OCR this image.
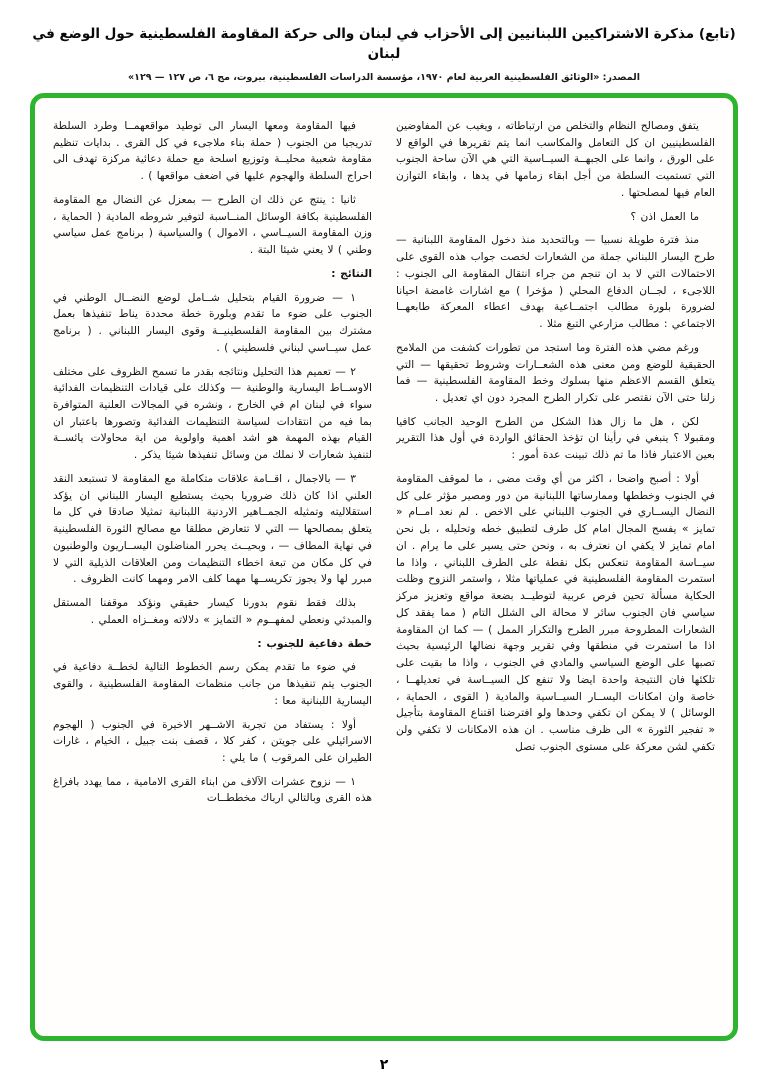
(تابع) مذكرة الاشتراكيين اللبنانيين إلى الأحزاب في لبنان والى حركة المقاومة الفلسطينية حول الوضع في لبنان
المصدر: «الوثائق الفلسطينية العربية لعام ١٩٧٠، مؤسسة الدراسات الفلسطينية، بيروت، مج ٦، ص ١٢٧ — ١٢٩»

يتفق ومصالح النظام والتخلص من ارتباطاته ، ويغيب عن المفاوضين الفلسطينيين ان كل التعامل والمكاسب انما يتم تقريرها في الواقع لا على الورق ، وانما على الجبهــة السيــاسية التي هي الآن ساحة الجنوب التي تستميت السلطة من أجل ابقاء زمامها في يدها ، وابقاء التوازن العام فيها لمصلحتها .

ما العمل اذن ؟

منذ فترة طويلة نسبيا — وبالتحديد منذ دخول المقاومة اللبنانية — طرح اليسار اللبناني جملة من الشعارات لخصت جواب هذه القوى على الاحتمالات التي لا بد ان تنجم من جراء انتقال المقاومة الى الجنوب : اللاجىء ، لجــان الدفاع المحلي ( مؤخرا ) مع اشارات غامضة احيانا لضرورة بلورة مطالب اجتمــاعية بهدف اعطاء المعركة طابعهــا الاجتماعي : مطالب مزارعي التبغ مثلا .

ورغم مضي هذه الفترة وما استجد من تطورات كشفت من الملامح الحقيقية للوضع ومن معنى هذه الشعــارات وشروط تحقيقها — التي يتعلق القسم الاعظم منها بسلوك وخط المقاومة الفلسطينية — فما زلنا حتى الآن نقتصر على تكرار الطرح المجرد دون اي تعديل .

لكن ، هل ما زال هذا الشكل من الطرح الوحيد الجانب كافيا ومقبولا ؟ ينبغي في رأينا ان تؤخذ الحقائق الواردة في أول هذا التقرير بعين الاعتبار فاذا ما تم ذلك تبينت عدة أمور :

أولا : أصبح واضحا ، اكثر من أي وقت مضى ، ما لموقف المقاومة في الجنوب وخططها وممارساتها اللبنانية من دور ومصير مؤثر على كل النضال اليســاري في الجنوب اللبناني على الاخص . لم نعد امــام « تمايز » يفسح المجال امام كل طرف لتطبيق خطه وتحليله ، بل نحن امام تمايز لا يكفي ان نعترف به ، ونحن حتى يسير على ما يرام . ان سيــاسة المقاومة تنعكس بكل نقطة على الطرف اللبناني ، واذا ما استمرت المقاومة الفلسطينية في عملياتها مثلا ، واستمر النزوح وظلت الحكاية مسألة تحين فرص عربية لتوطيــد بضعة مواقع وتعزيز مركز سياسي فان الجنوب سائر لا محالة الى الشلل التام ( مما يفقد كل الشعارات المطروحة مبرر الطرح والتكرار الممل ) — كما ان المقاومة اذا ما استمرت في منطقها وفي تقرير وجهة نضالها الرئيسية بحيث تصبها على الوضع السياسي والمادي في الجنوب ، واذا ما بقيت على تلكئها فان النتيجة واحدة ايضا ولا تنفع كل السيــاسة في تعديلهــا ، خاصة وان امكانات اليســار السيــاسية والمادية ( القوى ، الحماية ، الوسائل ) لا يمكن ان تكفي وحدها ولو افترضنا اقتناع المقاومة بتأجيل « تفجير الثورة » الى ظرف مناسب . ان هذه الامكانات لا تكفي ولن تكفي لشن معركة على مستوى الجنوب تصل

فيها المقاومة ومعها اليسار الى توطيد مواقعهمــا وطرد السلطة تدريجيا من الجنوب ( حملة بناء ملاجىء في كل القرى . بدايات تنظيم مقاومة شعبية محليــة وتوزيع اسلحة مع حملة دعائية مركزة تهدف الى احراج السلطة والهجوم عليها في اضعف مواقعها ) .

ثانيا : ينتج عن ذلك ان الطرح — بمعزل عن النضال مع المقاومة الفلسطينية بكافة الوسائل المنــاسبة لتوفير شروطه المادية ( الحماية ، وزن المقاومة السيــاسي ، الاموال ) والسياسية ( برنامج عمل سياسي وطني ) لا يعني شيئا البتة .

النتائج :

١ — ضرورة القيام بتحليل شــامل لوضع النضــال الوطني في الجنوب على ضوء ما تقدم وبلورة خطة محددة يناط تنفيذها بعمل مشترك بين المقاومة الفلسطينيــة وقوى اليسار اللبناني . ( برنامج عمل سيــاسي لبناني فلسطيني ) .

٢ — تعميم هذا التحليل ونتائجه بقدر ما تسمح الظروف على مختلف الاوســاط اليسارية والوطنية — وكذلك على قيادات التنظيمات الفدائية سواء في لبنان ام في الخارج ، ونشره في المجالات العلنية المتوافرة بما فيه من انتقادات لسياسة التنظيمات الفدائية وتصورها باعتبار ان القيام بهذه المهمة هو اشد اهمية واولوية من اية محاولات يائســة لتنفيذ شعارات لا نملك من وسائل تنفيذها شيئا يذكر .

٣ — بالاجمال ، اقــامة علاقات متكاملة مع المقاومة لا تستبعد النقد العلني اذا كان ذلك ضروريا بحيث يستطيع اليسار اللبناني ان يؤكد استقلاليته وتمثيله الجمــاهير الاردنية اللبنانية تمثيلا صادقا في كل ما يتعلق بمصالحها — التي لا تتعارض مطلقا مع مصالح الثورة الفلسطينية في نهاية المطاف — ، وبحيــث يحرر المناضلون اليســاريون والوطنيون في كل مكان من تبعة اخطاء التنظيمات ومن العلاقات الذيلية التي لا مبرر لها ولا يجوز تكريســها مهما كلف الامر ومهما كانت الظروف .

بذلك فقط نقوم بدورنا كيسار حقيقي ونؤكد موقفنا المستقل والمبدئي ونعطي لمفهــوم « التمايز » دلالاته ومغــزاه العملي .

خطة دفاعية للجنوب :

في ضوء ما تقدم يمكن رسم الخطوط التالية لخطــة دفاعية في الجنوب يتم تنفيذها من جانب منظمات المقاومة الفلسطينية ، والقوى اليسارية اللبنانية معا :

أولا : يستفاد من تجربة الاشــهر الاخيرة في الجنوب ( الهجوم الاسرائيلي على جويتن ، كفر كلا ، قصف بنت جبيل ، الخيام ، غارات الطيران على المرقوب ) ما يلي :

١ — نزوح عشرات الآلاف من ابناء القرى الامامية ، مما يهدد بافراغ هذه القرى وبالتالي ارباك مخططــات

٢
